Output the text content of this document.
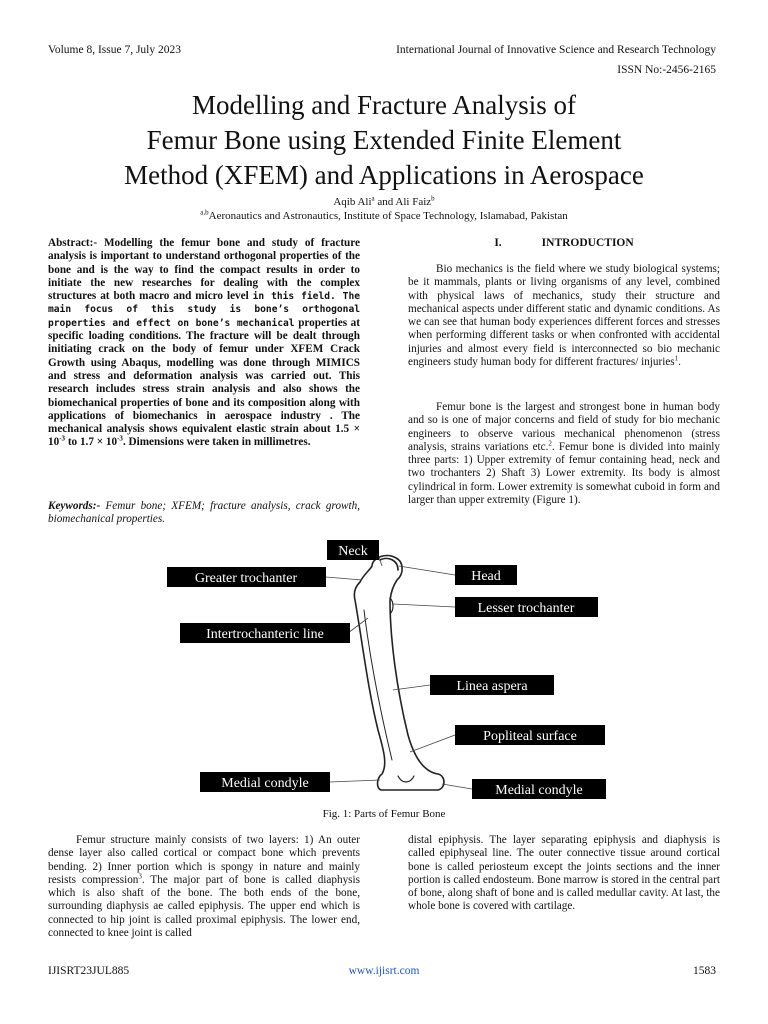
Volume 8, Issue 7, July 2023	International Journal of Innovative Science and Research Technology
ISSN No:-2456-2165
Modelling and Fracture Analysis of
Femur Bone using Extended Finite Element
Method (XFEM) and Applications in Aerospace
Aqib Ali$^a$ and Ali Faiz$^b$
$^{a,b}$Aeronautics and Astronautics, Institute of Space Technology, Islamabad, Pakistan
Abstract:- Modelling the femur bone and study of fracture analysis is important to understand orthogonal properties of the bone and is the way to find the compact results in order to initiate the new researches for dealing with the complex structures at both macro and micro level in this field. The main focus of this study is bone’s orthogonal properties and effect on bone’s mechanical properties at specific loading conditions. The fracture will be dealt through initiating crack on the body of femur under XFEM Crack Growth using Abaqus, modelling was done through MIMICS and stress and deformation analysis was carried out. This research includes stress strain analysis and also shows the biomechanical properties of bone and its composition along with applications of biomechanics in aerospace industry . The mechanical analysis shows equivalent elastic strain about $1.5 \times 10^{-3}$ to $1.7 \times 10^{-3}$. Dimensions were taken in millimetres.
Keywords:- Femur bone; XFEM; fracture analysis, crack growth, biomechanical properties.
I.	INTRODUCTION
Bio mechanics is the field where we study biological systems; be it mammals, plants or living organisms of any level, combined with physical laws of mechanics, study their structure and mechanical aspects under different static and dynamic conditions. As we can see that human body experiences different forces and stresses when performing different tasks or when confronted with accidental injuries and almost every field is interconnected so bio mechanic engineers study human body for different fractures/ injuries$^1$.
Femur bone is the largest and strongest bone in human body and so is one of major concerns and field of study for bio mechanic engineers to observe various mechanical phenomenon (stress analysis, strains variations etc.$^2$. Femur bone is divided into mainly three parts: 1) Upper extremity of femur containing head, neck and two trochanters 2) Shaft 3) Lower extremity. Its body is almost cylindrical in form. Lower extremity is somewhat cuboid in form and larger than upper extremity (Figure 1).
Neck
Greater trochanter	Head
Lesser trochanter
Intertrochanteric line
Linea aspera
Popliteal surface
Medial condyle	Medial condyle
Fig. 1: Parts of Femur Bone
Femur structure mainly consists of two layers: 1) An outer dense layer also called cortical or compact bone which prevents bending. 2) Inner portion which is spongy in nature and mainly resists compression$^3$. The major part of bone is called diaphysis which is also shaft of the bone. The both ends of the bone, surrounding diaphysis ae called epiphysis. The upper end which is connected to hip joint is called proximal epiphysis. The lower end, connected to knee joint is called
distal epiphysis. The layer separating epiphysis and diaphysis is called epiphyseal line. The outer connective tissue around cortical bone is called periosteum except the joints sections and the inner portion is called endosteum. Bone marrow is stored in the central part of bone, along shaft of bone and is called medullar cavity. At last, the whole bone is covered with cartilage.
IJISRT23JUL885	www.ijisrt.com	1583
